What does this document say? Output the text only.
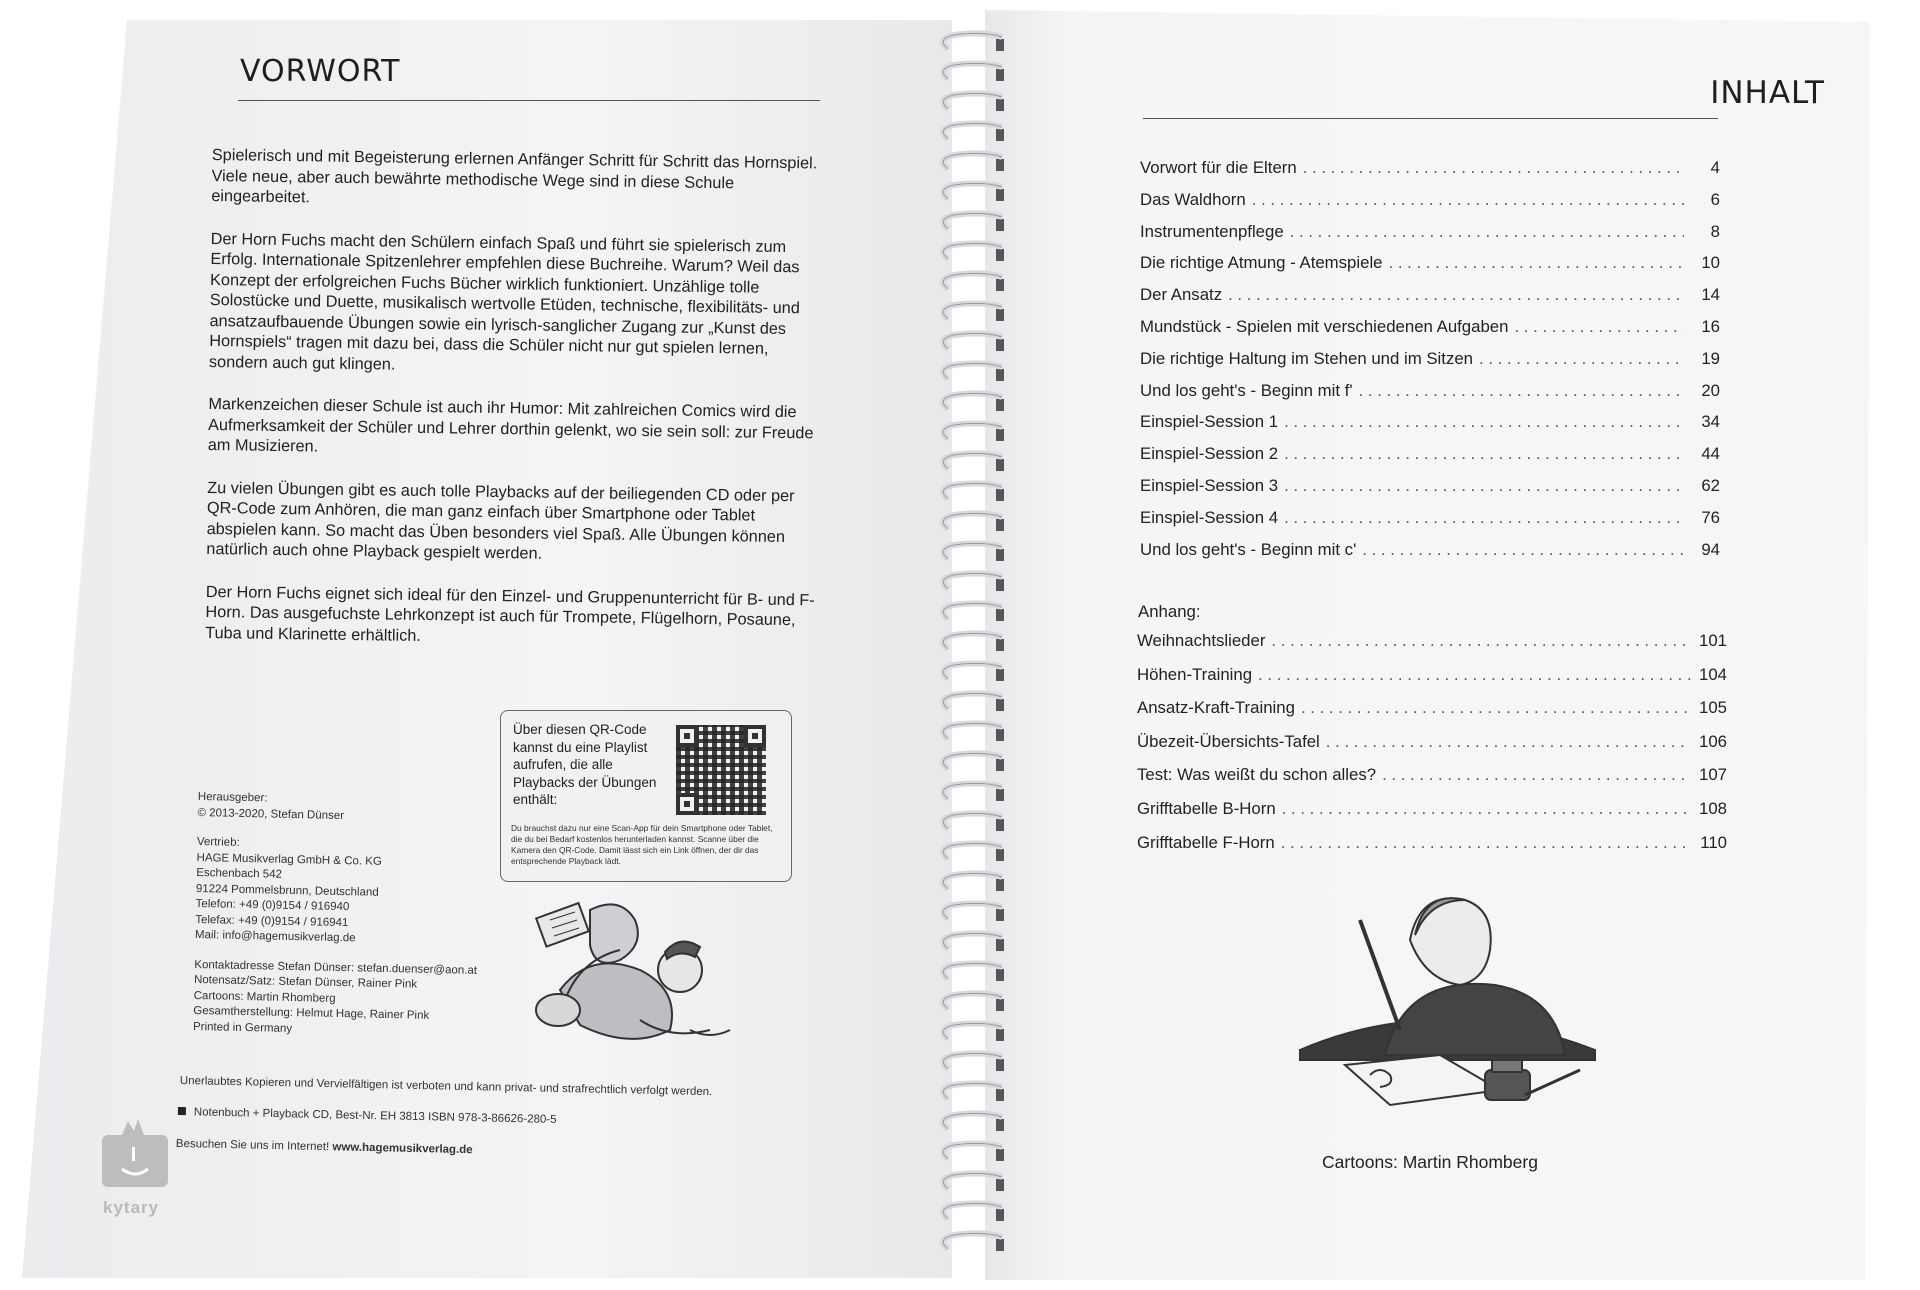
VORWORT

Spielerisch und mit Begeisterung erlernen Anfänger Schritt für Schritt das Hornspiel. Viele neue, aber auch bewährte methodische Wege sind in diese Schule eingearbeitet.

Der Horn Fuchs macht den Schülern einfach Spaß und führt sie spielerisch zum Erfolg. Internationale Spitzenlehrer empfehlen diese Buchreihe. Warum? Weil das Konzept der erfolgreichen Fuchs Bücher wirklich funktioniert. Unzählige tolle Solostücke und Duette, musikalisch wertvolle Etüden, technische, flexibilitäts- und ansatzaufbauende Übungen sowie ein lyrisch-sanglicher Zugang zur „Kunst des Hornspiels“ tragen mit dazu bei, dass die Schüler nicht nur gut spielen lernen, sondern auch gut klingen.

Markenzeichen dieser Schule ist auch ihr Humor: Mit zahlreichen Comics wird die Aufmerksamkeit der Schüler und Lehrer dorthin gelenkt, wo sie sein soll: zur Freude am Musizieren.

Zu vielen Übungen gibt es auch tolle Playbacks auf der beiliegenden CD oder per QR-Code zum Anhören, die man ganz einfach über Smartphone oder Tablet abspielen kann. So macht das Üben besonders viel Spaß. Alle Übungen können natürlich auch ohne Playback gespielt werden.

Der Horn Fuchs eignet sich ideal für den Einzel- und Gruppenunterricht für B- und F-Horn. Das ausgefuchste Lehrkonzept ist auch für Trompete, Flügelhorn, Posaune, Tuba und Klarinette erhältlich.

Über diesen QR-Code kannst du eine Playlist aufrufen, die alle Playbacks der Übungen enthält:
Du brauchst dazu nur eine Scan-App für dein Smartphone oder Tablet, die du bei Bedarf kostenlos herunterladen kannst. Scanne über die Kamera den QR-Code. Damit lässt sich ein Link öffnen, der dir das entsprechende Playback lädt.
Herausgeber:
© 2013-2020, Stefan Dünser
Vertrieb:
HAGE Musikverlag GmbH & Co. KG
Eschenbach 542
91224 Pommelsbrunn, Deutschland
Telefon: +49 (0)9154 / 916940
Telefax: +49 (0)9154 / 916941
Mail: info@hagemusikverlag.de
Kontaktadresse Stefan Dünser: stefan.duenser@aon.at
Notensatz/Satz: Stefan Dünser, Rainer Pink
Cartoons: Martin Rhomberg
Gesamtherstellung: Helmut Hage, Rainer Pink
Printed in Germany
Unerlaubtes Kopieren und Vervielfältigen ist verboten und kann privat- und strafrechtlich verfolgt werden.
Notenbuch + Playback CD, Best-Nr. EH 3813 ISBN 978-3-86626-280-5
Besuchen Sie uns im Internet! www.hagemusikverlag.de
kytary
INHALT
Vorwort für die Eltern . . .	4
Das Waldhorn . . .	6
Instrumentenpflege . . .	8
Die richtige Atmung - Atemspiele . . .	10
Der Ansatz . . .	14
Mundstück - Spielen mit verschiedenen Aufgaben . . .	16
Die richtige Haltung im Stehen und im Sitzen . . .	19
Und los geht's - Beginn mit f' . . .	20
Einspiel-Session 1 . . .	34
Einspiel-Session 2 . . .	44
Einspiel-Session 3 . . .	62
Einspiel-Session 4 . . .	76
Und los geht's - Beginn mit c' . . .	94
Anhang:
Weihnachtslieder . . .	101
Höhen-Training . . .	104
Ansatz-Kraft-Training . . .	105
Übezeit-Übersichts-Tafel . . .	106
Test: Was weißt du schon alles? . . .	107
Grifftabelle B-Horn . . .	108
Grifftabelle F-Horn . . .	110
Cartoons: Martin Rhomberg
